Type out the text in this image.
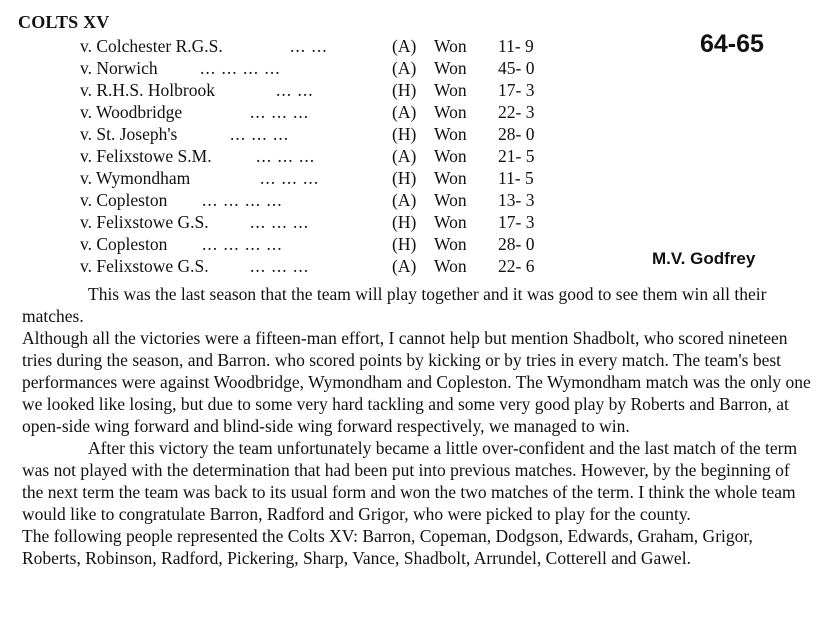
COLTS XV
64-65
M.V. Godfrey
v. Colchester R.G.S.	... ...	(A) Won 11- 9
v. Norwich ... ... ... ...	(A) Won 45- 0
v. R.H.S. Holbrook	... ...	(H) Won 17- 3
v. Woodbridge	... ... ...	(A) Won 22- 3
v. St. Joseph's	... ... ...	(H) Won 28- 0
v. Felixstowe S.M.	... ... ...	(A) Won 21- 5
v. Wymondham	... ... ...	(H) Won 11- 5
v. Copleston ... ... ... ...	(A) Won 13- 3
v. Felixstowe G.S. ... ... ...	(H) Won 17- 3
v. Copleston ... ... ... ...	(H) Won 28- 0
v. Felixstowe G.S. ... ... ...	(A) Won 22- 6

This was the last season that the team will play together and it was good to see them win all their matches.

Although all the victories were a fifteen-man effort, I cannot help but mention Shadbolt, who scored nineteen tries during the season, and Barron. who scored points by kicking or by tries in every match. The team's best performances were against Woodbridge, Wymondham and Copleston. The Wymondham match was the only one we looked like losing, but due to some very hard tackling and some very good play by Roberts and Barron, at open-side wing forward and blind-side wing forward respectively, we managed to win.

After this victory the team unfortunately became a little over-confident and the last match of the term was not played with the determination that had been put into previous matches. However, by the beginning of the next term the team was back to its usual form and won the two matches of the term. I think the whole team would like to congratulate Barron, Radford and Grigor, who were picked to play for the county.

The following people represented the Colts XV: Barron, Copeman, Dodgson, Edwards, Graham, Grigor, Roberts, Robinson, Radford, Pickering, Sharp, Vance, Shadbolt, Arrundel, Cotterell and Gawel.
